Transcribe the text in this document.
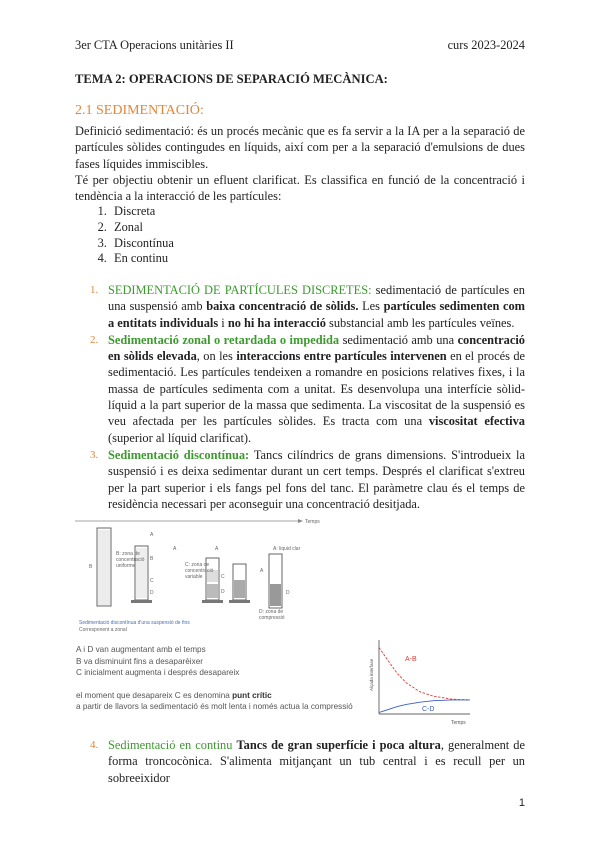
3er CTA Operacions unitàries II	curs 2023-2024
TEMA 2: OPERACIONS DE SEPARACIÓ MECÀNICA:
2.1 SEDIMENTACIÓ:
Definició sedimentació: és un procés mecànic que es fa servir a la IA per a la separació de partícules sòlides contingudes en líquids, així com per a la separació d'emulsions de dues fases líquides immiscibles.
Té per objectiu obtenir un efluent clarificat. Es classifica en funció de la concentració i tendència a la interacció de les partícules:
1. Discreta
2. Zonal
3. Discontínua
4. En continu
1. SEDIMENTACIÓ DE PARTÍCULES DISCRETES: sedimentació de partícules en una suspensió amb baixa concentració de sòlids. Les partícules sedimenten com a entitats individuals i no hi ha interacció substancial amb les partícules veïnes.
2. Sedimentació zonal o retardada o impedida sedimentació amb una concentració en sòlids elevada, on les interaccions entre partícules intervenen en el procés de sedimentació. Les partícules tendeixen a romandre en posicions relatives fixes, i la massa de partícules sedimenta com a unitat. Es desenvolupa una interfície sòlid-líquid a la part superior de la massa que sedimenta. La viscositat de la suspensió es veu afectada per les partícules sòlides. Es tracta com una viscositat efectiva (superior al líquid clarificat).
3. Sedimentació discontínua: Tancs cilíndrics de grans dimensions. S'introdueix la suspensió i es deixa sedimentar durant un cert temps. Després el clarificat s'extreu per la part superior i els fangs pel fons del tanc. El paràmetre clau és el temps de residència necessari per aconseguir una concentració desitjada.
Temps
B
B: zona de
concentració
uniforme
A
B
C
D
A
C: zona de
concentració
variable	C
D
A	A: liquid clar
A
D
D: zona de
compressió
Sedimentació discontínua d'una suspensió de fins
Corresponent a zonal
A i D van augmentant amb el temps
B va disminuint fins a desaparèixer
C inicialment augmenta i després desapareix
el moment que desapareix C es denomina punt crític
a partir de llavors la sedimentació és molt lenta i només actua la compressió
Alçada interfase
Temps
A-B
C-D
4. Sedimentació en continu Tancs de gran superfície i poca altura, generalment de forma troncocònica. S'alimenta mitjançant un tub central i es recull per un sobreeixidor
1
